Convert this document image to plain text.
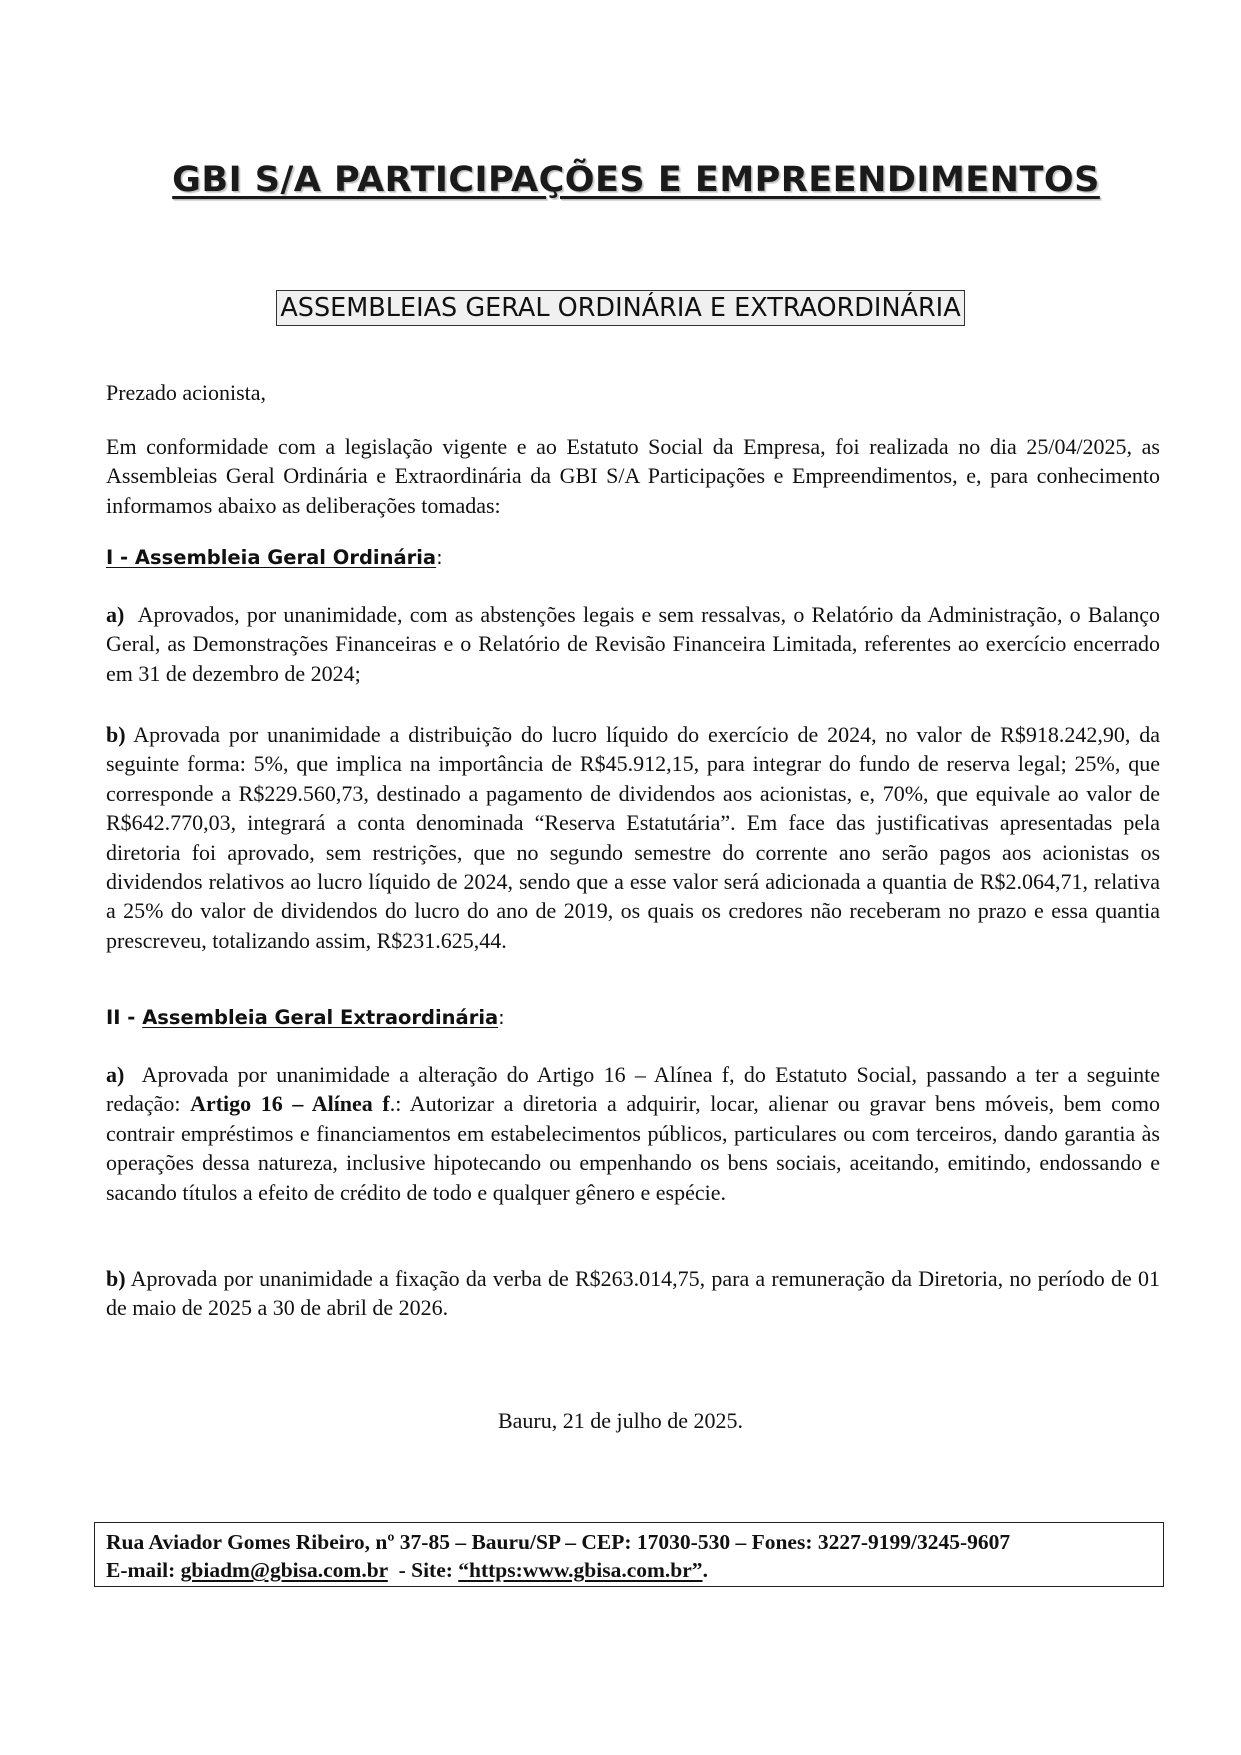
GBI S/A PARTICIPAÇÕES E EMPREENDIMENTOS
ASSEMBLEIAS GERAL ORDINÁRIA E EXTRAORDINÁRIA
Prezado acionista,
Em conformidade com a legislação vigente e ao Estatuto Social da Empresa, foi realizada no dia 25/04/2025, as Assembleias Geral Ordinária e Extraordinária da GBI S/A Participações e Empreendimentos, e, para conhecimento informamos abaixo as deliberações tomadas:
I - Assembleia Geral Ordinária:
a) Aprovados, por unanimidade, com as abstenções legais e sem ressalvas, o Relatório da Administração, o Balanço Geral, as Demonstrações Financeiras e o Relatório de Revisão Financeira Limitada, referentes ao exercício encerrado em 31 de dezembro de 2024;
b) Aprovada por unanimidade a distribuição do lucro líquido do exercício de 2024, no valor de R$918.242,90, da seguinte forma: 5%, que implica na importância de R$45.912,15, para integrar do fundo de reserva legal; 25%, que corresponde a R$229.560,73, destinado a pagamento de dividendos aos acionistas, e, 70%, que equivale ao valor de R$642.770,03, integrará a conta denominada “Reserva Estatutária”. Em face das justificativas apresentadas pela diretoria foi aprovado, sem restrições, que no segundo semestre do corrente ano serão pagos aos acionistas os dividendos relativos ao lucro líquido de 2024, sendo que a esse valor será adicionada a quantia de R$2.064,71, relativa a 25% do valor de dividendos do lucro do ano de 2019, os quais os credores não receberam no prazo e essa quantia prescreveu, totalizando assim, R$231.625,44.
II - Assembleia Geral Extraordinária:
a) Aprovada por unanimidade a alteração do Artigo 16 – Alínea f, do Estatuto Social, passando a ter a seguinte redação: Artigo 16 – Alínea f.: Autorizar a diretoria a adquirir, locar, alienar ou gravar bens móveis, bem como contrair empréstimos e financiamentos em estabelecimentos públicos, particulares ou com terceiros, dando garantia às operações dessa natureza, inclusive hipotecando ou empenhando os bens sociais, aceitando, emitindo, endossando e sacando títulos a efeito de crédito de todo e qualquer gênero e espécie.
b) Aprovada por unanimidade a fixação da verba de R$263.014,75, para a remuneração da Diretoria, no período de 01 de maio de 2025 a 30 de abril de 2026.
Bauru, 21 de julho de 2025.
Rua Aviador Gomes Ribeiro, nº 37-85 – Bauru/SP – CEP: 17030-530 – Fones: 3227-9199/3245-9607
E-mail: gbiadm@gbisa.com.br  - Site: “https:www.gbisa.com.br”.
